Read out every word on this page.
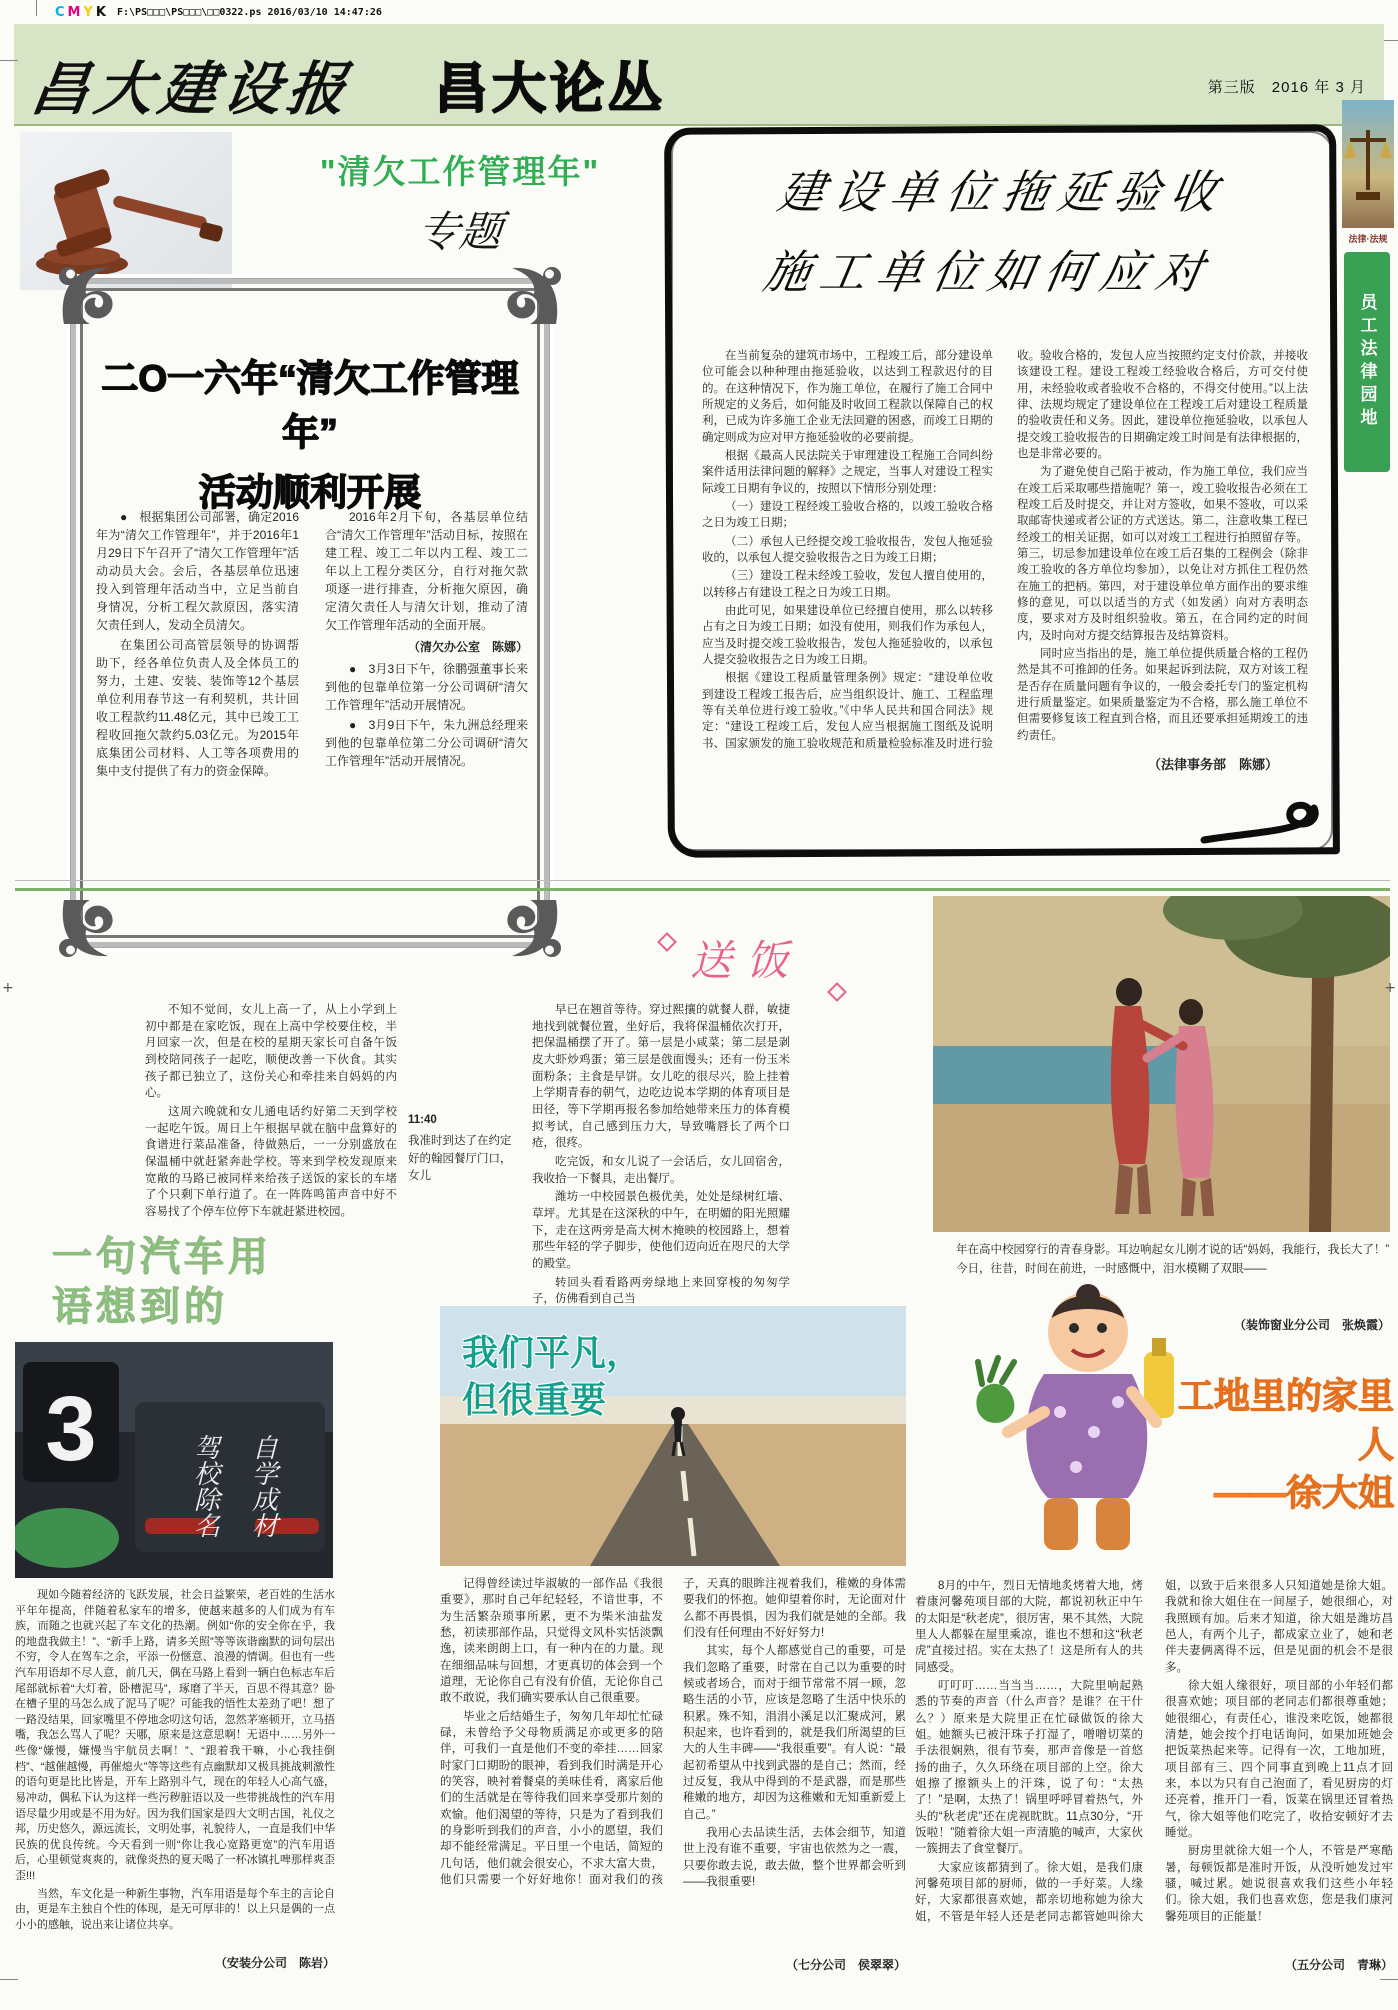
C M Y K F:\PS□□□\PS□□□\□□0322.ps 2016/03/10 14:47:26
昌大建设报 昌大论丛	第三版　2016 年 3 月
"清欠工作管理年"
专题
二O一六年“清欠工作管理年”
活动顺利开展

●　根据集团公司部署，确定2016年为“清欠工作管理年”，并于2016年1月29日下午召开了“清欠工作管理年”活动动员大会。会后，各基层单位迅速投入到管理年活动当中，立足当前自身情况，分析工程欠款原因，落实清欠责任到人，发动全员清欠。

在集团公司高管层领导的协调帮助下，经各单位负责人及全体员工的努力，土建、安装、装饰等12个基层单位利用春节这一有利契机，共计回收工程款约11.48亿元，其中已竣工工程收回拖欠款约5.03亿元。为2015年底集团公司材料、人工等各项费用的集中支付提供了有力的资金保障。

2016年2月下旬，各基层单位结合“清欠工作管理年”活动目标，按照在建工程、竣工二年以内工程、竣工二年以上工程分类区分，自行对拖欠款项逐一进行排查，分析拖欠原因，确定清欠责任人与清欠计划，推动了清欠工作管理年活动的全面开展。

（清欠办公室　陈娜）

●　3月3日下午，徐鹏强董事长来到他的包靠单位第一分公司调研“清欠工作管理年”活动开展情况。

●　3月9日下午，朱九洲总经理来到他的包靠单位第二分公司调研“清欠工作管理年”活动开展情况。

建设单位拖延验收
施工单位如何应对

在当前复杂的建筑市场中，工程竣工后，部分建设单位可能会以种种理由拖延验收，以达到工程款迟付的目的。在这种情况下，作为施工单位，在履行了施工合同中所规定的义务后，如何能及时收回工程款以保障自己的权利，已成为许多施工企业无法回避的困惑，而竣工日期的确定则成为应对甲方拖延验收的必要前提。

根据《最高人民法院关于审理建设工程施工合同纠纷案件适用法律问题的解释》之规定，当事人对建设工程实际竣工日期有争议的，按照以下情形分别处理：

（一）建设工程经竣工验收合格的，以竣工验收合格之日为竣工日期；

（二）承包人已经提交竣工验收报告，发包人拖延验收的，以承包人提交验收报告之日为竣工日期；

（三）建设工程未经竣工验收，发包人擅自使用的，以转移占有建设工程之日为竣工日期。

由此可见，如果建设单位已经擅自使用，那么以转移占有之日为竣工日期；如没有使用，则我们作为承包人，应当及时提交竣工验收报告，发包人拖延验收的，以承包人提交验收报告之日为竣工日期。

根据《建设工程质量管理条例》规定：“建设单位收到建设工程竣工报告后，应当组织设计、施工、工程监理等有关单位进行竣工验收。”《中华人民共和国合同法》规定：“建设工程竣工后，发包人应当根据施工图纸及说明书、国家颁发的施工验收规范和质量检验标准及时进行验收。验收合格的，发包人应当按照约定支付价款，并接收该建设工程。建设工程竣工经验收合格后，方可交付使用，未经验收或者验收不合格的，不得交付使用。”以上法律、法规均规定了建设单位在工程竣工后对建设工程质量的验收责任和义务。因此，建设单位拖延验收，以承包人提交竣工验收报告的日期确定竣工时间是有法律根据的，也是非常必要的。

为了避免使自己陷于被动，作为施工单位，我们应当在竣工后采取哪些措施呢？第一，竣工验收报告必须在工程竣工后及时提交，并让对方签收，如果不签收，可以采取邮寄快递或者公证的方式送达。第二，注意收集工程已经竣工的相关证据，如可以对竣工工程进行拍照留存等。第三，切忌参加建设单位在竣工后召集的工程例会（除非竣工验收的各方单位均参加），以免让对方抓住工程仍然在施工的把柄。第四，对于建设单位单方面作出的要求维修的意见，可以以适当的方式（如发函）向对方表明态度，要求对方及时组织验收。第五，在合同约定的时间内，及时向对方提交结算报告及结算资料。

同时应当指出的是，施工单位提供质量合格的工程仍然是其不可推卸的任务。如果起诉到法院，双方对该工程是否存在质量问题有争议的，一般会委托专门的鉴定机构进行质量鉴定。如果质量鉴定为不合格，那么施工单位不但需要修复该工程直到合格，而且还要承担延期竣工的违约责任。

（法律事务部　陈娜）
法律·法规
员工法律园地
送饭

不知不觉间，女儿上高一了，从上小学到上初中都是在家吃饭，现在上高中学校要住校，半月回家一次，但是在校的星期天家长可自备午饭到校陪同孩子一起吃，顺便改善一下伙食。其实孩子都已独立了，这份关心和牵挂来自妈妈的内心。

这周六晚就和女儿通电话约好第二天到学校一起吃午饭。周日上午根据早就在脑中盘算好的食谱进行菜品准备，待做熟后，一一分别盛放在保温桶中就赶紧奔赴学校。等来到学校发现原来宽敞的马路已被同样来给孩子送饭的家长的车堵了个只剩下单行道了。在一阵阵鸣笛声音中好不容易找了个停车位停下车就赶紧进校园。

11:40
我准时到达了在约定好的翰园餐厅门口，女儿

早已在翘首等待。穿过熙攘的就餐人群，敏捷地找到就餐位置，坐好后，我将保温桶依次打开，把保温桶摆了开了。第一层是小咸菜；第二层是剥皮大虾炒鸡蛋；第三层是戗面馒头；还有一份玉米面粉条；主食是早饼。女儿吃的很尽兴，脸上挂着上学期青春的朝气，边吃边说本学期的体育项目是田径，等下学期再报名参加给她带来压力的体育模拟考试，自己感到压力大，导致嘴唇长了两个口疮，很疼。

吃完饭，和女儿说了一会话后，女儿回宿舍，我收拾一下餐具，走出餐厅。

潍坊一中校园景色极优美，处处是绿树红墙、草坪。尤其是在这深秋的中午，在明媚的阳光照耀下，走在这两旁是高大树木掩映的校园路上，想着那些年轻的学子脚步，使他们迈向近在咫尺的大学的殿堂。

转回头看看路两旁绿地上来回穿梭的匆匆学子，仿佛看到自己当

年在高中校园穿行的青春身影。耳边响起女儿刚才说的话“妈妈，我能行，我长大了！”

今日，往昔，时间在前进，一时感慨中，泪水模糊了双眼——

（装饰窗业分公司　张焕霞）
一句汽车用
语想到的
3
驾校除名 自学成材

现如今随着经济的飞跃发展，社会日益繁荣，老百姓的生活水平年年提高，伴随着私家车的增多，使越来越多的人们成为有车族，而随之也就兴起了车文化的热潮。例如“你的安全你在乎，我的地盘我做主！”、“新手上路，请多关照”等等诙谐幽默的词句层出不穷，令人在驾车之余，平添一份惬意、浪漫的情调。但也有一些汽车用语却不尽人意，前几天，偶在马路上看到一辆白色标志车后尾部就标着“大灯着，卧槽泥马”，琢磨了半天，百思不得其意？卧在槽子里的马怎么成了泥马了呢？可能我的悟性太差劲了吧！想了一路没结果，回家嘴里不停地念叨这句话，忽然茅塞顿开，立马捂嘴，我怎么骂人了呢？天哪，原来是这意思啊！无语中……另外一些像“嫌慢，嫌慢当宇航员去啊！”、“跟着我干嘛，小心我挂倒档”、“越催越慢，再催熄火”等等这些有点幽默却又极具挑战刺激性的语句更是比比皆是，开车上路别斗气，现在的年轻人心高气盛，易冲动，偶私下认为这样一些污秽脏语以及一些带挑战性的汽车用语尽量少用或是不用为好。因为我们国家是四大文明古国，礼仪之邦，历史悠久，源远流长，文明处事，礼貌待人，一直是我们中华民族的优良传统。今天看到一则“你让我心宽路更宽”的汽车用语后，心里顿觉爽爽的，就像炎热的夏天喝了一杯冰镇扎啤那样爽歪歪!!!

当然，车文化是一种新生事物，汽车用语是每个车主的言论自由，更是车主独自个性的体现，是无可厚非的！以上只是偶的一点小小的感触，说出来让诸位共享。

（安装分公司　陈岩）
我们平凡，
但很重要

记得曾经读过毕淑敏的一部作品《我很重要》，那时自己年纪轻轻，不谙世事，不为生活繁杂琐事所累，更不为柴米油盐发愁，初读那部作品，只觉得文风朴实恬淡飘逸，读来朗朗上口，有一种内在的力量。现在细细品味与回想，才更真切的体会到一个道理，无论你自己有没有价值，无论你自己敢不敢说，我们确实要承认自己很重要。

毕业之后结婚生子，匆匆几年却忙忙碌碌，未曾给予父母物质满足亦或更多的陪伴，可我们一直是他们不变的牵挂……回家时家门口期盼的眼神，看到我们时满是开心的笑容，映衬着餐桌的美味佳肴，离家后他们的生活就是在等待我们回来享受那片刻的欢愉。他们渴望的等待，只是为了看到我们的身影听到我们的声音，小小的愿望，我们却不能经常满足。平日里一个电话，简短的几句话，他们就会很安心，不求大富大贵，他们只需要一个好好地你！面对我们的孩子，天真的眼眸注视着我们，稚嫩的身体需要我们的怀抱。她仰望着你时，无论面对什么都不再畏惧，因为我们就是她的全部。我们没有任何理由不好好努力!

其实，每个人都感觉自己的重要，可是我们忽略了重要，时常在自己以为重要的时候或者场合，而对于细节常常不屑一顾，忽略生活的小节，应该是忽略了生活中快乐的积累。殊不知，涓涓小溪足以汇聚成河，累积起来，也许看到的，就是我们所渴望的巨大的人生丰碑——“我很重要”。有人说：“最起初希望从中找到武器的是自己；然而，经过反复，我从中得到的不是武器，而是那些稚嫩的地方，却因为这稚嫩和无知重新爱上自己。”

我用心去品读生活，去体会细节，知道世上没有谁不重要，宇宙也依然为之一震，只要你敢去说，敢去做，整个世界都会听到——我很重要!

（七分公司　侯翠翠）
工地里的家里人
——徐大姐

8月的中午，烈日无情地炙烤着大地，烤着康河馨苑项目部的大院，都说初秋正中午的太阳是“秋老虎”，很厉害，果不其然，大院里人人都躲在屋里乘凉，谁也不想和这“秋老虎”直接过招。实在太热了！这是所有人的共同感受。

叮叮叮……当当当……，大院里响起熟悉的节奏的声音（什么声音？是谁？在干什么？）原来是大院里正在忙碌做饭的徐大姐。她额头已被汗珠子打湿了，噌噌切菜的手法很娴熟，很有节奏，那声音像是一首悠扬的曲子，久久环绕在项目部的上空。徐大姐擦了擦额头上的汗珠，说了句：“太热了！”是啊，太热了！锅里呼呼冒着热气，外头的“秋老虎”还在虎视眈眈。11点30分，“开饭啦！”随着徐大姐一声清脆的喊声，大家伙一簇拥去了食堂餐厅。

大家应该都猜到了。徐大姐，是我们康河馨苑项目部的厨师，做的一手好菜。人缘好，大家都很喜欢她，都亲切地称她为徐大姐，不管是年轻人还是老同志都管她叫徐大姐，以致于后来很多人只知道她是徐大姐。我就和徐大姐住在一间屋子，她很细心，对我照顾有加。后来才知道，徐大姐是潍坊昌邑人，有两个儿子，都成家立业了，她和老伴夫妻俩离得不远，但是见面的机会不是很多。

徐大姐人缘很好，项目部的小年轻们都很喜欢她；项目部的老同志们都很尊重她；她很细心，有责任心，谁没来吃饭，她都很清楚，她会按个打电话询问，如果加班她会把饭菜热起来等。记得有一次，工地加班，项目部有三、四个同事直到晚上11点才回来，本以为只有自己泡面了，看见厨房的灯还亮着，推开门一看，饭菜在锅里还冒着热气，徐大姐等他们吃完了，收拾安顿好才去睡觉。

厨房里就徐大姐一个人，不管是严寒酷暑，每顿饭都是准时开饭，从没听她发过牢骚，喊过累。她说很喜欢我们这些小年轻们。徐大姐，我们也喜欢您，您是我们康河馨苑项目的正能量！

（五分公司　青琳）
+	+
